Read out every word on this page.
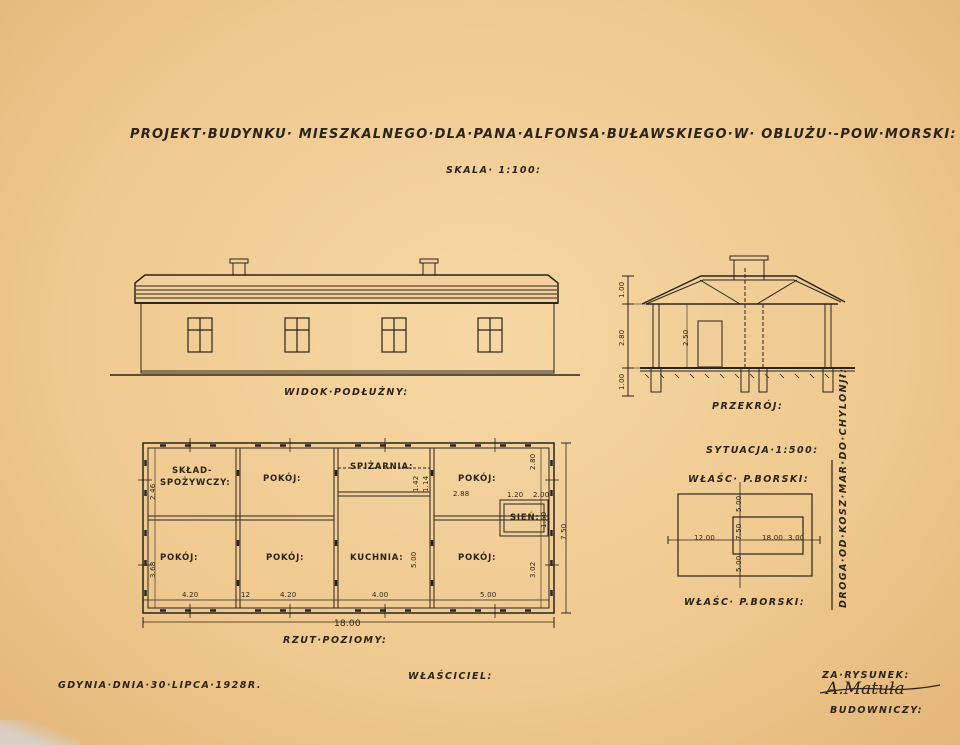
PROJEKT·BUDYNKU· MIESZKALNEGO·DLA·PANA·ALFONSA·BUŁAWSKIEGO·W· OBLUŻU·-POW·MORSKI:
SKALA· 1:100:
WIDOK·PODŁUŻNY:
PRZEKRÓJ:
1.00
2.80	2.50
1.00
SKŁAD-
SPOŻYWCZY:	POKÓJ:
SPIŻARNIA:
POKÓJ:
SIEŃ:
POKÓJ:	POKÓJ:	KUCHNIA:	POKÓJ:
4.20	4.20	4.00	5.00
18.00
7.50
5.00
2.80
2.88
2.46
3.68	3.02
1.42 1.14
1.20 2.00
1.60
12
RZUT·POZIOMY:
SYTUACJA·1:500:
WŁAŚC· P.BORSKI:
WŁAŚC· P.BORSKI:	DROGA·OD·KOSZ·MAR·DO·CHYLONJI:
12.00	18.00 3.00
5.00
7.50
5.00
GDYNIA·DNIA·30·LIPCA·1928R.
WŁAŚCICIEL:	ZA·RYSUNEK:
A.Matuła
BUDOWNICZY:
